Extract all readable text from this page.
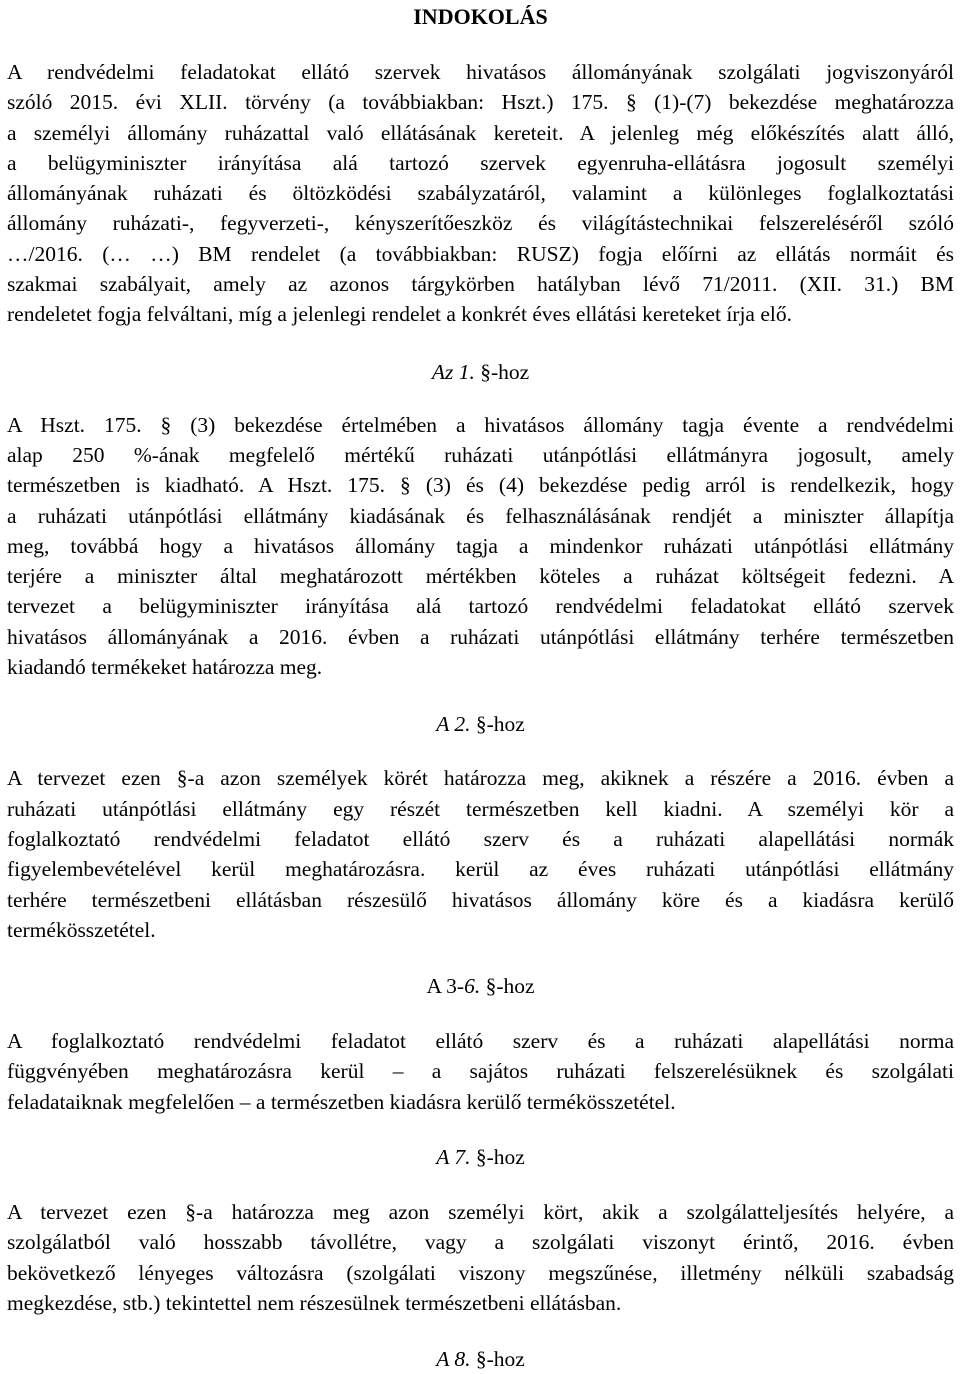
INDOKOLÁS

A rendvédelmi feladatokat ellátó szervek hivatásos állományának szolgálati jogviszonyáról
szóló 2015. évi XLII. törvény (a továbbiakban: Hszt.) 175. § (1)-(7) bekezdése meghatározza
a személyi állomány ruházattal való ellátásának kereteit. A jelenleg még előkészítés alatt álló,
a belügyminiszter irányítása alá tartozó szervek egyenruha-ellátásra jogosult személyi
állományának ruházati és öltözködési szabályzatáról, valamint a különleges foglalkoztatási
állomány ruházati-, fegyverzeti-, kényszerítőeszköz és világítástechnikai felszereléséről szóló
…/2016. (… …) BM rendelet (a továbbiakban: RUSZ) fogja előírni az ellátás normáit és
szakmai szabályait, amely az azonos tárgykörben hatályban lévő 71/2011. (XII. 31.) BM
rendeletet fogja felváltani, míg a jelenlegi rendelet a konkrét éves ellátási kereteket írja elő.

Az 1. §-hoz

A Hszt. 175. § (3) bekezdése értelmében a hivatásos állomány tagja évente a rendvédelmi
alap 250 %-ának megfelelő mértékű ruházati utánpótlási ellátmányra jogosult, amely
természetben is kiadható. A Hszt. 175. § (3) és (4) bekezdése pedig arról is rendelkezik, hogy
a ruházati utánpótlási ellátmány kiadásának és felhasználásának rendjét a miniszter állapítja
meg, továbbá hogy a hivatásos állomány tagja a mindenkor ruházati utánpótlási ellátmány
terjére a miniszter által meghatározott mértékben köteles a ruházat költségeit fedezni. A
tervezet a belügyminiszter irányítása alá tartozó rendvédelmi feladatokat ellátó szervek
hivatásos állományának a 2016. évben a ruházati utánpótlási ellátmány terhére természetben
kiadandó termékeket határozza meg.

A 2. §-hoz

A tervezet ezen §-a azon személyek körét határozza meg, akiknek a részére a 2016. évben a
ruházati utánpótlási ellátmány egy részét természetben kell kiadni. A személyi kör a
foglalkoztató rendvédelmi feladatot ellátó szerv és a ruházati alapellátási normák
figyelembevételével kerül meghatározásra. kerül az éves ruházati utánpótlási ellátmány
terhére természetbeni ellátásban részesülő hivatásos állomány köre és a kiadásra kerülő
termékösszetétel.

A 3-6. §-hoz

A foglalkoztató rendvédelmi feladatot ellátó szerv és a ruházati alapellátási norma
függvényében meghatározásra kerül – a sajátos ruházati felszerelésüknek és szolgálati
feladataiknak megfelelően – a természetben kiadásra kerülő termékösszetétel.

A 7. §-hoz

A tervezet ezen §-a határozza meg azon személyi kört, akik a szolgálatteljesítés helyére, a
szolgálatból való hosszabb távollétre, vagy a szolgálati viszonyt érintő, 2016. évben
bekövetkező lényeges változásra (szolgálati viszony megszűnése, illetmény nélküli szabadság
megkezdése, stb.) tekintettel nem részesülnek természetbeni ellátásban.

A 8. §-hoz
